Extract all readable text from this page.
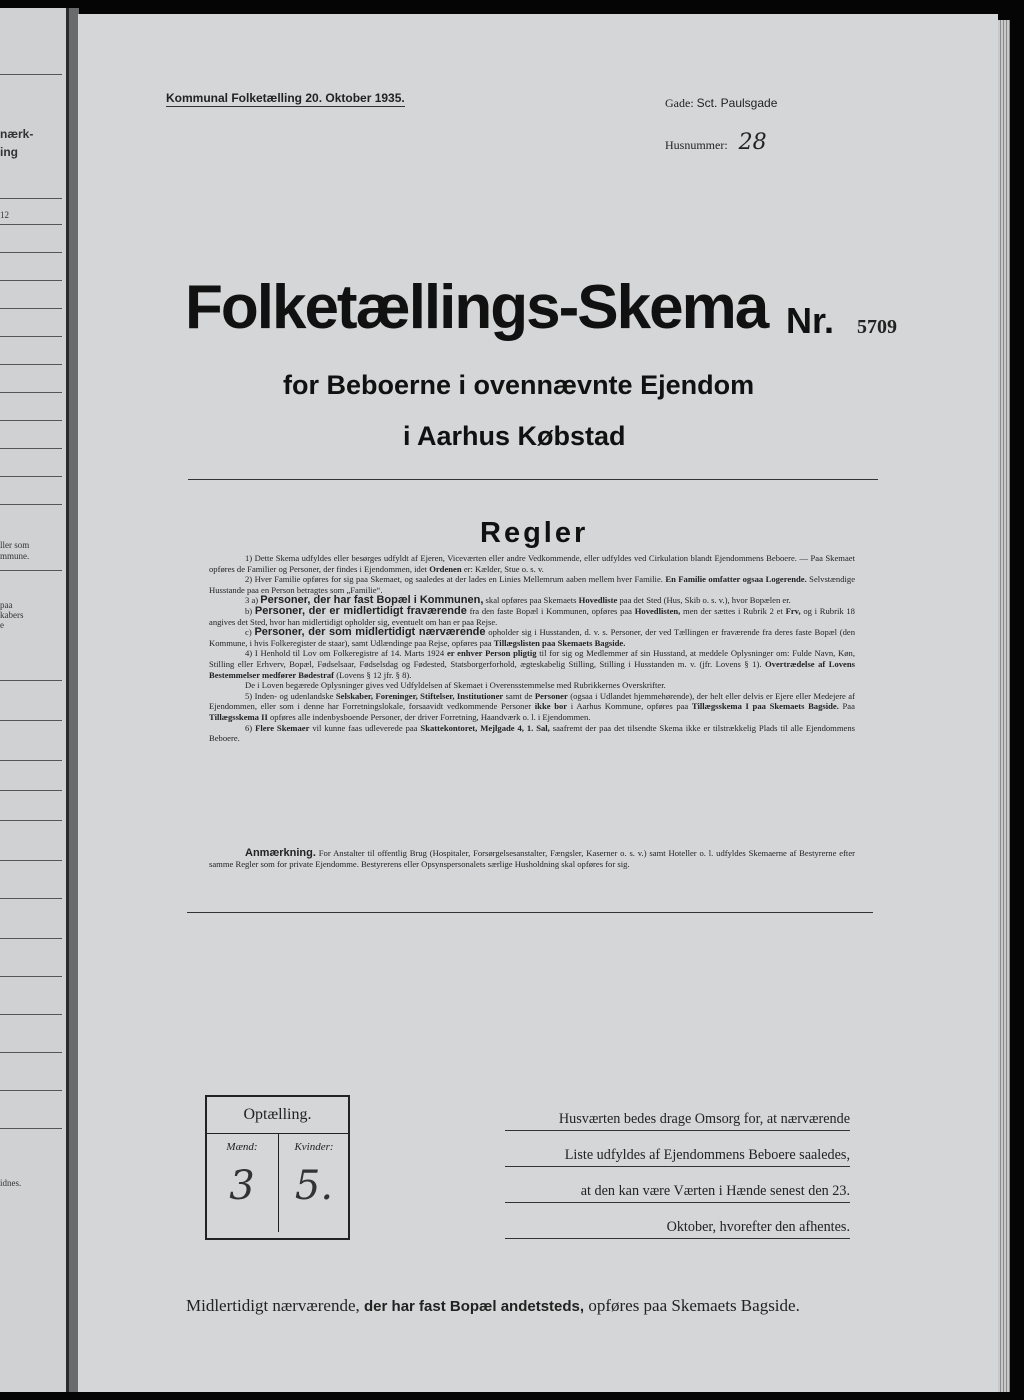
nærk-
ing
12
ller som
mmune.
paa
kabers
e
idnes.
Kommunal Folketælling 20. Oktober 1935.	Gade: Sct. Paulsgade
Husnummer: 28
Folketællings-Skema Nr. 5709
for Beboerne i ovennævnte Ejendom
i Aarhus Købstad
Regler

1) Dette Skema udfyldes eller besørges udfyldt af Ejeren, Viceværten eller andre Vedkommende, eller udfyldes ved Cirkulation blandt Ejendommens Beboere. — Paa Skemaet opføres de Familier og Personer, der findes i Ejendommen, idet Ordenen er: Kælder, Stue o. s. v.

2) Hver Familie opføres for sig paa Skemaet, og saaledes at der lades en Linies Mellemrum aaben mellem hver Familie. En Familie omfatter ogsaa Logerende. Selvstændige Husstande paa en Person betragtes som „Familie“.

3 a) Personer, der har fast Bopæl i Kommunen, skal opføres paa Skemaets Hovedliste paa det Sted (Hus, Skib o. s. v.), hvor Bopælen er.

b) Personer, der er midlertidigt fraværende fra den faste Bopæl i Kommunen, opføres paa Hovedlisten, men der sættes i Rubrik 2 et Frv, og i Rubrik 18 angives det Sted, hvor han midlertidigt opholder sig, eventuelt om han er paa Rejse.

c) Personer, der som midlertidigt nærværende opholder sig i Husstanden, d. v. s. Personer, der ved Tællingen er fraværende fra deres faste Bopæl (den Kommune, i hvis Folkeregister de staar), samt Udlændinge paa Rejse, opføres paa Tillægslisten paa Skemaets Bagside.

4) I Henhold til Lov om Folkeregistre af 14. Marts 1924 er enhver Person pligtig til for sig og Medlemmer af sin Husstand, at meddele Oplysninger om: Fulde Navn, Køn, Stilling eller Erhverv, Bopæl, Fødselsaar, Fødselsdag og Fødested, Statsborgerforhold, ægteskabelig Stilling, Stilling i Husstanden m. v. (jfr. Lovens § 1). Overtrædelse af Lovens Bestemmelser medfører Bødestraf (Lovens § 12 jfr. § 8).

De i Loven begærede Oplysninger gives ved Udfyldelsen af Skemaet i Overensstemmelse med Rubrikkernes Overskrifter.

5) Inden- og udenlandske Selskaber, Foreninger, Stiftelser, Institutioner samt de Personer (ogsaa i Udlandet hjemmehørende), der helt eller delvis er Ejere eller Medejere af Ejendommen, eller som i denne har Forretningslokale, forsaavidt vedkommende Personer ikke bor i Aarhus Kommune, opføres paa Tillægsskema I paa Skemaets Bagside. Paa Tillægsskema II opføres alle indenbysboende Personer, der driver Forretning, Haandværk o. l. i Ejendommen.

6) Flere Skemaer vil kunne faas udleverede paa Skattekontoret, Mejlgade 4, 1. Sal, saafremt der paa det tilsendte Skema ikke er tilstrækkelig Plads til alle Ejendommens Beboere.

Anmærkning. For Anstalter til offentlig Brug (Hospitaler, Forsørgelsesanstalter, Fængsler, Kaserner o. s. v.) samt Hoteller o. l. udfyldes Skemaerne af Bestyrerne efter samme Regler som for private Ejendomme. Bestyrerens eller Opsynspersonalets særlige Husholdning skal opføres for sig.

Optælling.
Mænd:
3
Kvinder:
5.
Husværten bedes drage Omsorg for, at nærværende
Liste udfyldes af Ejendommens Beboere saaledes,
at den kan være Værten i Hænde senest den 23.
Oktober, hvorefter den afhentes.
Midlertidigt nærværende, der har fast Bopæl andetsteds, opføres paa Skemaets Bagside.
